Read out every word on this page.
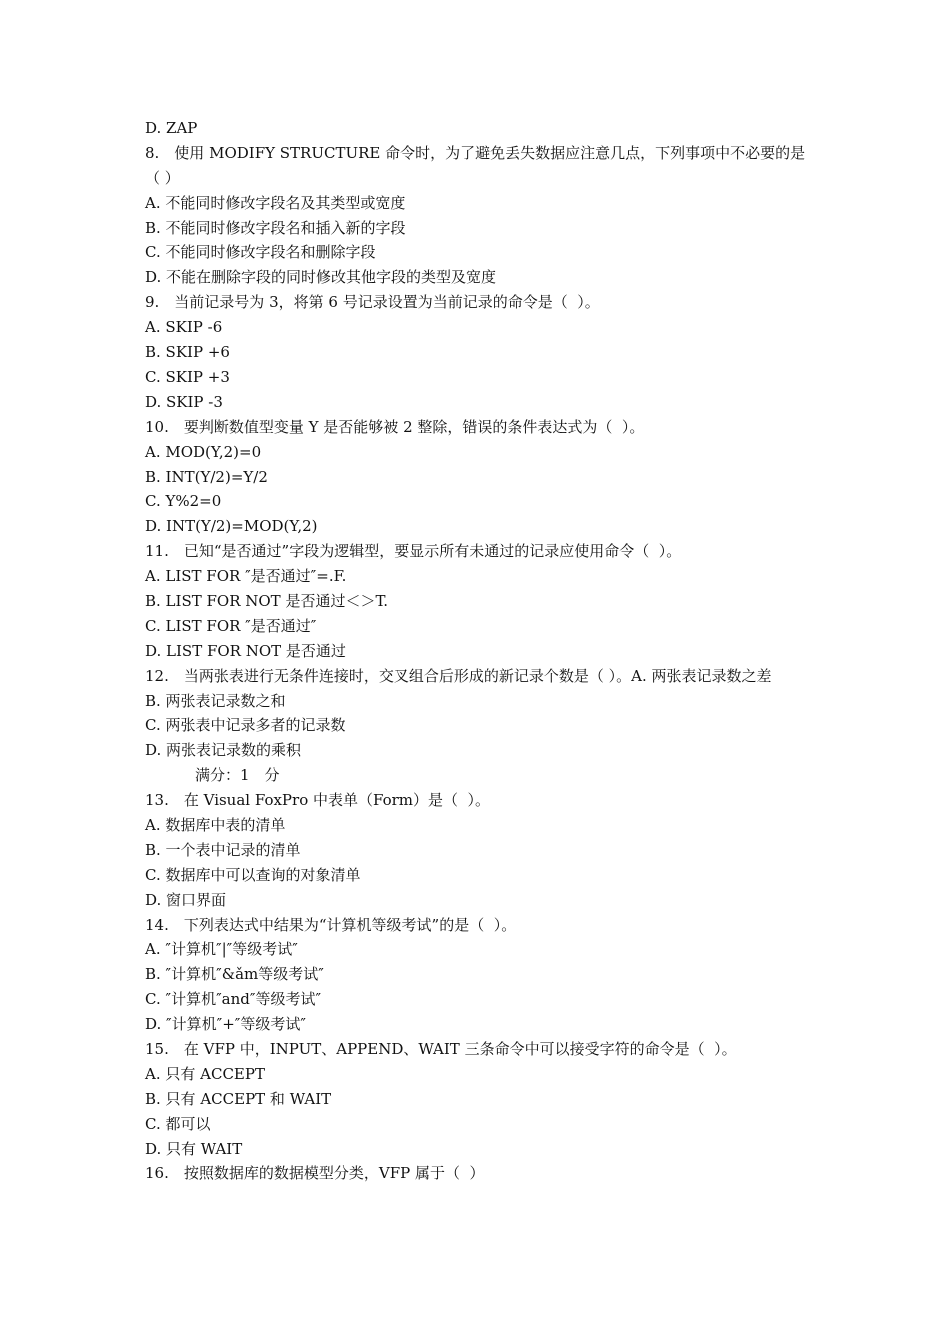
D. ZAP
8.　使用 MODIFY STRUCTURE 命令时，为了避免丢失数据应注意几点，下列事项中不必要的是（ ）
A. 不能同时修改字段名及其类型或宽度
B. 不能同时修改字段名和插入新的字段
C. 不能同时修改字段名和删除字段
D. 不能在删除字段的同时修改其他字段的类型及宽度
9.　当前记录号为 3，将第 6 号记录设置为当前记录的命令是（  ）。
A. SKIP -6
B. SKIP +6
C. SKIP +3
D. SKIP -3
10.　要判断数值型变量 Y 是否能够被 2 整除，错误的条件表达式为（  ）。
A. MOD(Y,2)=0
B. INT(Y/2)=Y/2
C. Y%2=0
D. INT(Y/2)=MOD(Y,2)
11.　已知“是否通过”字段为逻辑型，要显示所有未通过的记录应使用命令（  ）。
A. LIST FOR ″是否通过″=.F.
B. LIST FOR NOT 是否通过＜＞T.
C. LIST FOR ″是否通过″
D. LIST FOR NOT 是否通过
12.　当两张表进行无条件连接时，交叉组合后形成的新记录个数是（ ）。A. 两张表记录数之差
B. 两张表记录数之和
C. 两张表中记录多者的记录数
D. 两张表记录数的乘积
满分：1　分
13.　在 Visual FoxPro 中表单（Form）是（  ）。
A. 数据库中表的清单
B. 一个表中记录的清单
C. 数据库中可以查询的对象清单
D. 窗口界面
14.　下列表达式中结果为“计算机等级考试”的是（  ）。
A. ″计算机″|″等级考试″
B. ″计算机″&ǎm等级考试″
C. ″计算机″and″等级考试″
D. ″计算机″+″等级考试″
15.　在 VFP 中，INPUT、APPEND、WAIT 三条命令中可以接受字符的命令是（  ）。
A. 只有 ACCEPT
B. 只有 ACCEPT 和 WAIT
C. 都可以
D. 只有 WAIT
16.　按照数据库的数据模型分类，VFP 属于（  ）
